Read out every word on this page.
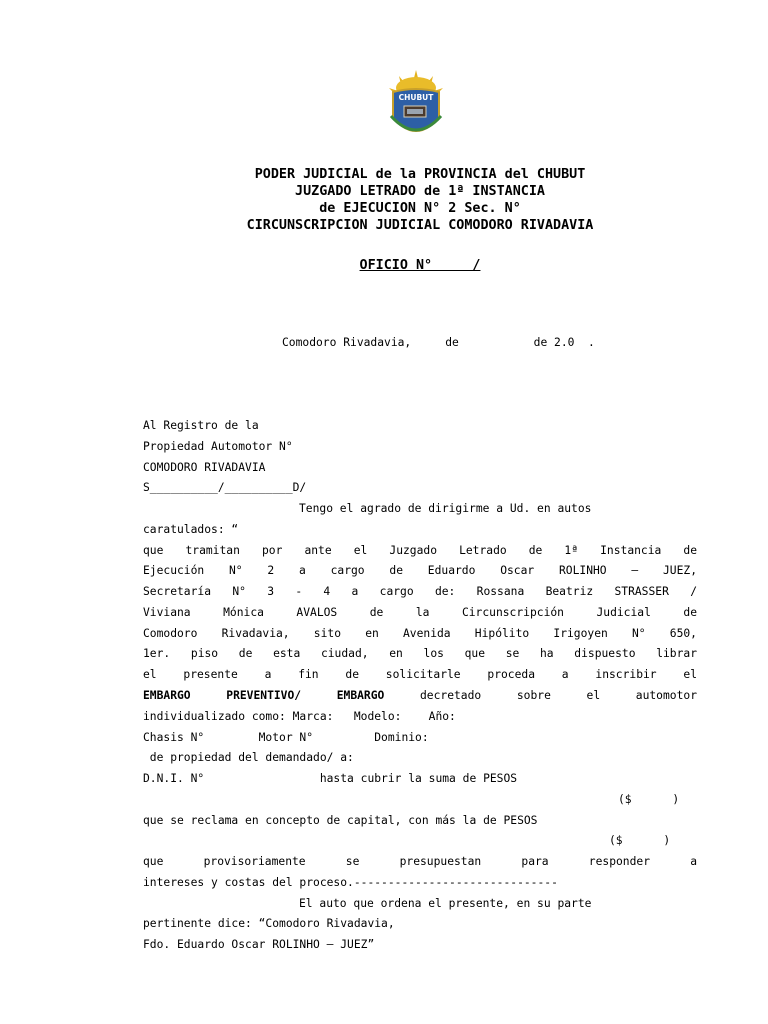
CHUBUT
PODER JUDICIAL de la PROVINCIA del CHUBUT
JUZGADO LETRADO de 1ª INSTANCIA
de EJECUCION N° 2 Sec. N°
CIRCUNSCRIPCION JUDICIAL COMODORO RIVADAVIA
OFICIO N°     /
Comodoro Rivadavia,     de           de 2.0  .
Al Registro de la
Propiedad Automotor N°
COMODORO RIVADAVIA
S__________/__________D/
Tengo el agrado de dirigirme a Ud. en autos
caratulados: “
que tramitan por ante el Juzgado Letrado de 1ª Instancia de
Ejecución N° 2 a cargo de Eduardo Oscar ROLINHO – JUEZ,
Secretaría N° 3 - 4 a cargo de: Rossana Beatriz STRASSER /
Viviana Mónica AVALOS de la Circunscripción Judicial de
Comodoro Rivadavia, sito en Avenida Hipólito Irigoyen N° 650,
1er. piso de esta ciudad, en los que se ha dispuesto librar
el presente a fin de solicitarle proceda a inscribir el
EMBARGO PREVENTIVO/ EMBARGO	decretado sobre el automotor
individualizado como: Marca:   Modelo:    Año:
Chasis N°        Motor N°         Dominio:
de propiedad del demandado/ a:
D.N.I. N°                 hasta cubrir la suma de PESOS
($      )
que se reclama en concepto de capital, con más la de PESOS
($      )
que provisoriamente se presupuestan para responder a
intereses y costas del proceso.------------------------------
El auto que ordena el presente, en su parte
pertinente dice: “Comodoro Rivadavia,
Fdo. Eduardo Oscar ROLINHO – JUEZ”
